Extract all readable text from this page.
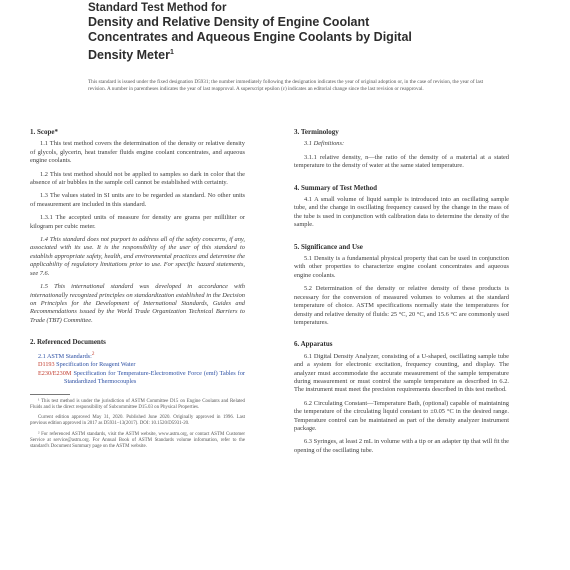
Standard Test Method for
Density and Relative Density of Engine Coolant
Concentrates and Aqueous Engine Coolants by Digital
Density Meter$^1$
This standard is issued under the fixed designation D5931; the number immediately following the designation indicates the year of original adoption or, in the case of revision, the year of last revision. A number in parentheses indicates the year of last reapproval. A superscript epsilon (ε) indicates an editorial change since the last revision or reapproval.
1. Scope*

1.1 This test method covers the determination of the density or relative density of glycols, glycerin, heat transfer fluids engine coolant concentrates, and aqueous engine coolants.

1.2 This test method should not be applied to samples so dark in color that the absence of air bubbles in the sample cell cannot be established with certainty.

1.3 The values stated in SI units are to be regarded as standard. No other units of measurement are included in this standard.

1.3.1 The accepted units of measure for density are grams per milliliter or kilogram per cubic meter.

1.4 This standard does not purport to address all of the safety concerns, if any, associated with its use. It is the responsibility of the user of this standard to establish appropriate safety, health, and environmental practices and determine the applicability of regulatory limitations prior to use. For specific hazard statements, see 7.6.

1.5 This international standard was developed in accordance with internationally recognized principles on standardization established in the Decision on Principles for the Development of International Standards, Guides and Recommendations issued by the World Trade Organization Technical Barriers to Trade (TBT) Committee.

2. Referenced Documents
2.1 ASTM Standards:$^2$
D1193 Specification for Reagent Water
E230/E230M Specification for Temperature-Electromotive Force (emf) Tables for Standardized Thermocouples

¹ This test method is under the jurisdiction of ASTM Committee D15 on Engine Coolants and Related Fluids and is the direct responsibility of Subcommittee D15.03 on Physical Properties.

Current edition approved May 31, 2020. Published June 2020. Originally approved in 1996. Last previous edition approved in 2017 as D5931–13(2017). DOI: 10.1520/D5931-20.

² For referenced ASTM standards, visit the ASTM website, www.astm.org, or contact ASTM Customer Service at service@astm.org. For Annual Book of ASTM Standards volume information, refer to the standard's Document Summary page on the ASTM website.

3. Terminology

3.1 Definitions:

3.1.1 relative density, n—the ratio of the density of a material at a stated temperature to the density of water at the same stated temperature.

4. Summary of Test Method

4.1 A small volume of liquid sample is introduced into an oscillating sample tube, and the change in oscillating frequency caused by the change in the mass of the tube is used in conjunction with calibration data to determine the density of the sample.

5. Significance and Use

5.1 Density is a fundamental physical property that can be used in conjunction with other properties to characterize engine coolant concentrates and aqueous engine coolants.

5.2 Determination of the density or relative density of these products is necessary for the conversion of measured volumes to volumes at the standard temperature of choice. ASTM specifications normally state the temperatures for density and relative density of fluids: 25 °C, 20 °C, and 15.6 °C are commonly used temperatures.

6. Apparatus

6.1 Digital Density Analyzer, consisting of a U-shaped, oscillating sample tube and a system for electronic excitation, frequency counting, and display. The analyzer must accommodate the accurate measurement of the sample temperature during measurement or must control the sample temperature as described in 6.2. The instrument must meet the precision requirements described in this test method.

6.2 Circulating Constant—Temperature Bath, (optional) capable of maintaining the temperature of the circulating liquid constant to ±0.05 °C in the desired range. Temperature control can be maintained as part of the density analyzer instrument package.

6.3 Syringes, at least 2 mL in volume with a tip or an adapter tip that will fit the opening of the oscillating tube.
